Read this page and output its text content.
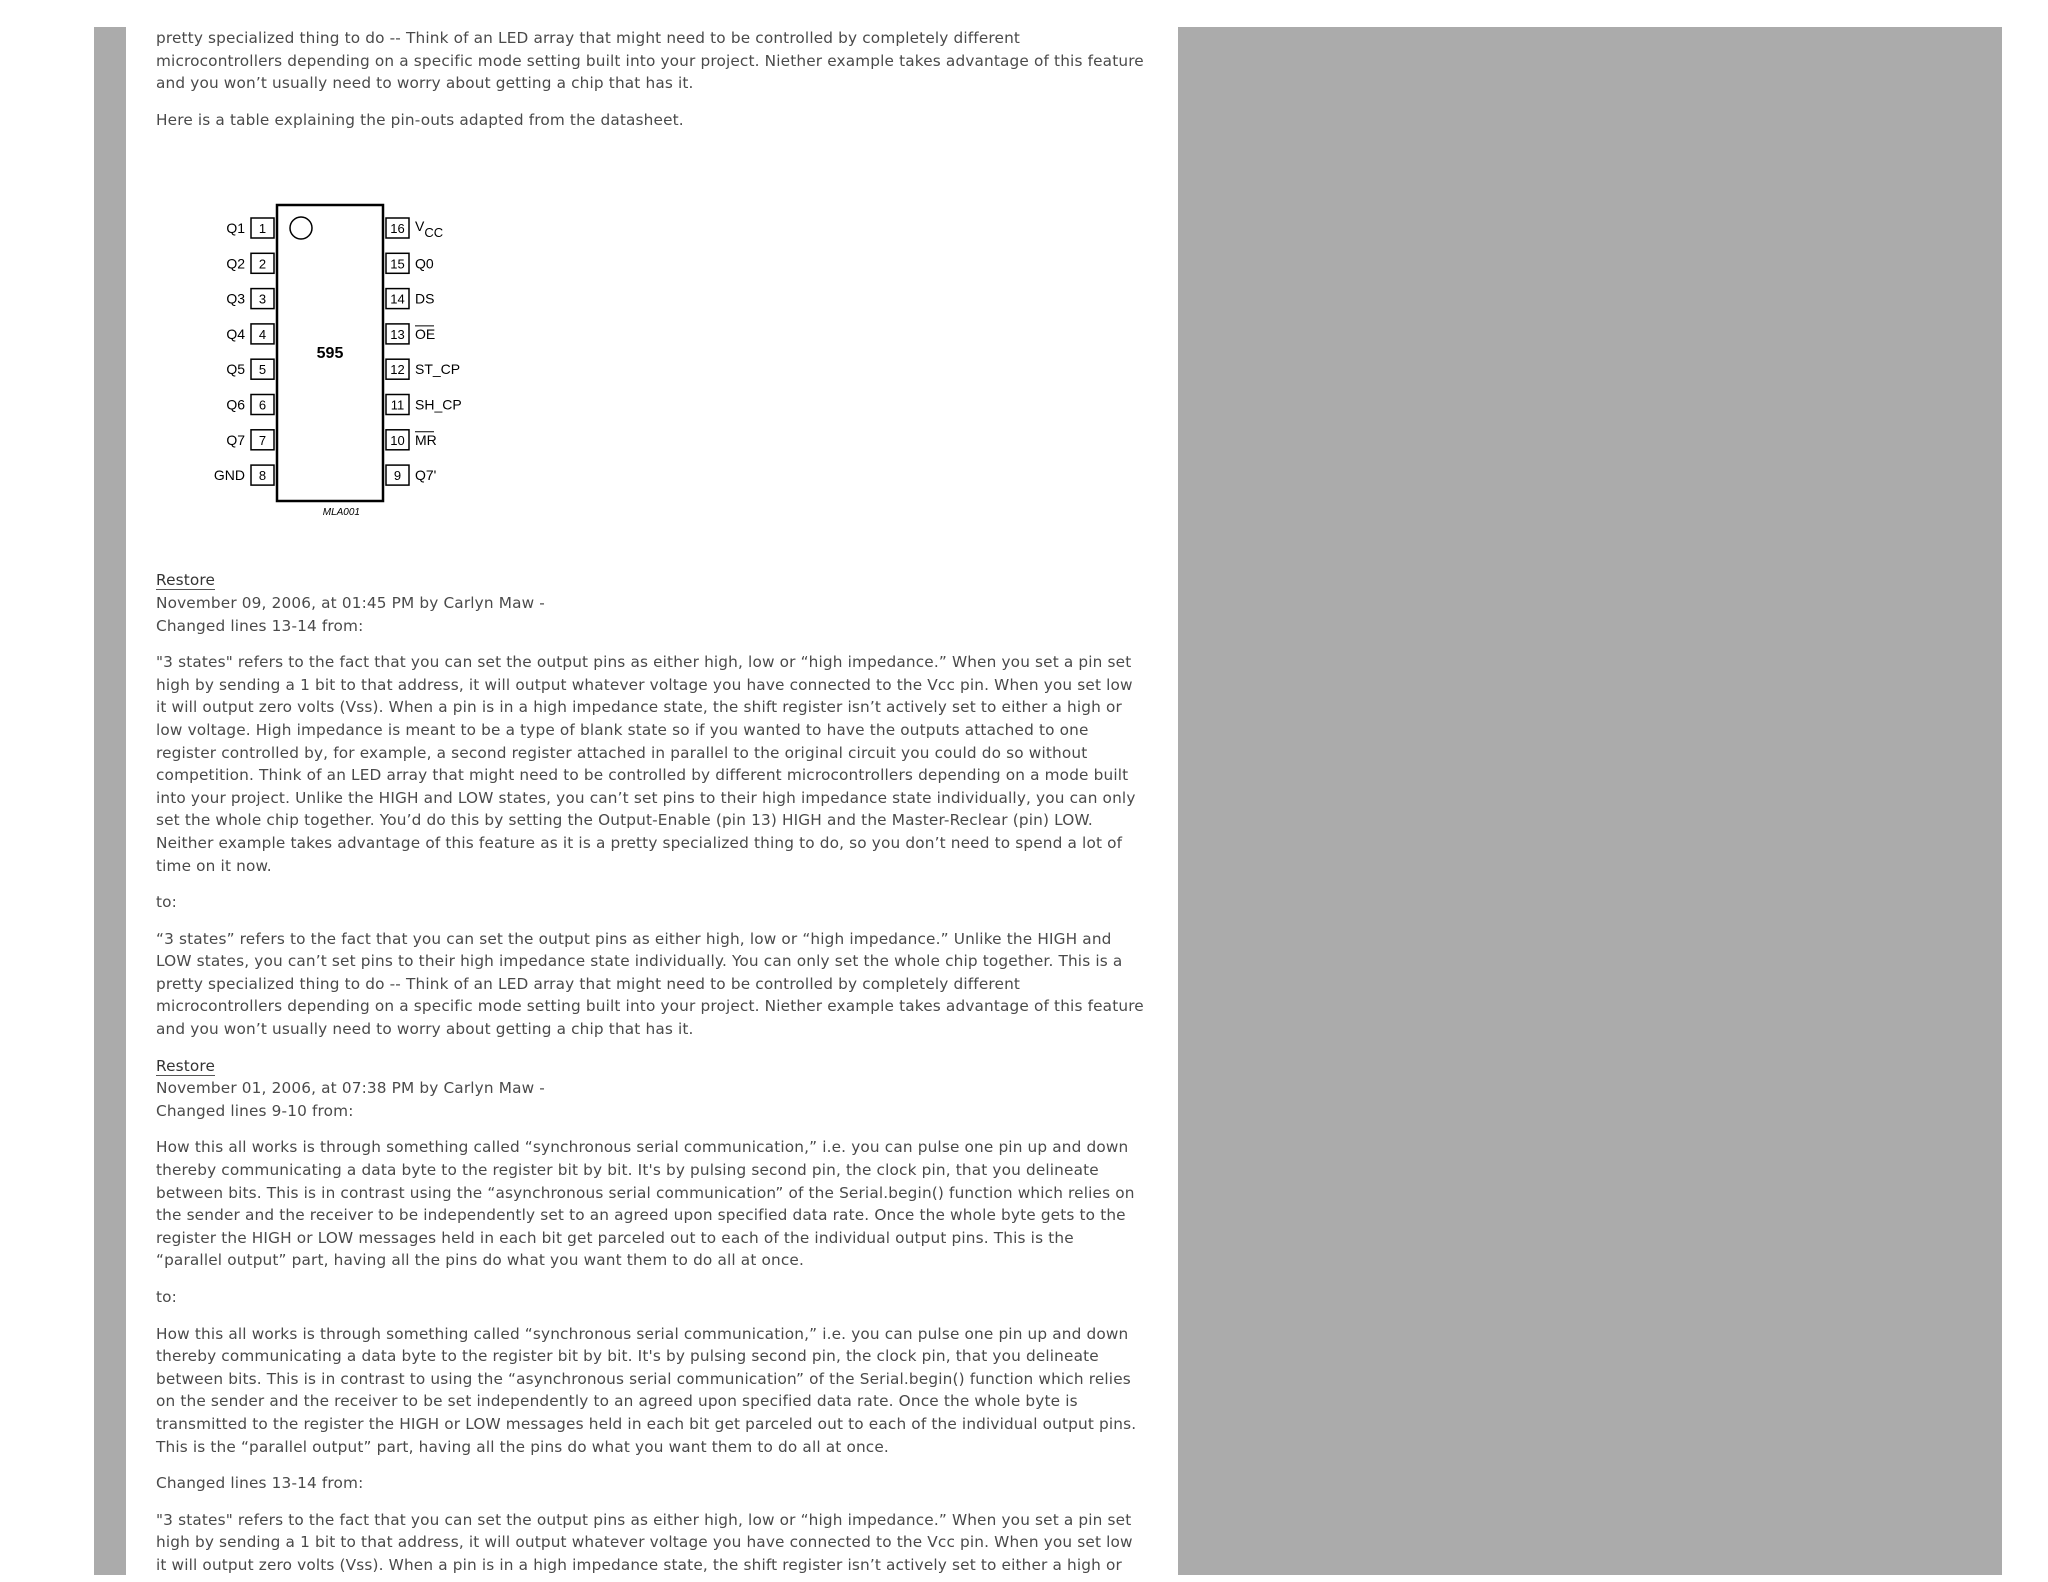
pretty specialized thing to do -- Think of an LED array that might need to be controlled by completely different
microcontrollers depending on a specific mode setting built into your project. Niether example takes advantage of this feature
and you won’t usually need to worry about getting a chip that has it.

Here is a table explaining the pin-outs adapted from the datasheet.

Restore

November 09, 2006, at 01:45 PM by Carlyn Maw -

Changed lines 13-14 from:

"3 states" refers to the fact that you can set the output pins as either high, low or “high impedance.” When you set a pin set
high by sending a 1 bit to that address, it will output whatever voltage you have connected to the Vcc pin. When you set low
it will output zero volts (Vss). When a pin is in a high impedance state, the shift register isn’t actively set to either a high or
low voltage. High impedance is meant to be a type of blank state so if you wanted to have the outputs attached to one
register controlled by, for example, a second register attached in parallel to the original circuit you could do so without
competition. Think of an LED array that might need to be controlled by different microcontrollers depending on a mode built
into your project. Unlike the HIGH and LOW states, you can’t set pins to their high impedance state individually, you can only
set the whole chip together. You’d do this by setting the Output-Enable (pin 13) HIGH and the Master-Reclear (pin) LOW.
Neither example takes advantage of this feature as it is a pretty specialized thing to do, so you don’t need to spend a lot of
time on it now.

to:

“3 states” refers to the fact that you can set the output pins as either high, low or “high impedance.” Unlike the HIGH and
LOW states, you can’t set pins to their high impedance state individually. You can only set the whole chip together. This is a
pretty specialized thing to do -- Think of an LED array that might need to be controlled by completely different
microcontrollers depending on a specific mode setting built into your project. Niether example takes advantage of this feature
and you won’t usually need to worry about getting a chip that has it.

Restore

November 01, 2006, at 07:38 PM by Carlyn Maw -

Changed lines 9-10 from:

How this all works is through something called “synchronous serial communication,” i.e. you can pulse one pin up and down
thereby communicating a data byte to the register bit by bit. It's by pulsing second pin, the clock pin, that you delineate
between bits. This is in contrast using the “asynchronous serial communication” of the Serial.begin() function which relies on
the sender and the receiver to be independently set to an agreed upon specified data rate. Once the whole byte gets to the
register the HIGH or LOW messages held in each bit get parceled out to each of the individual output pins. This is the
“parallel output” part, having all the pins do what you want them to do all at once.

to:

How this all works is through something called “synchronous serial communication,” i.e. you can pulse one pin up and down
thereby communicating a data byte to the register bit by bit. It's by pulsing second pin, the clock pin, that you delineate
between bits. This is in contrast to using the “asynchronous serial communication” of the Serial.begin() function which relies
on the sender and the receiver to be set independently to an agreed upon specified data rate. Once the whole byte is
transmitted to the register the HIGH or LOW messages held in each bit get parceled out to each of the individual output pins.
This is the “parallel output” part, having all the pins do what you want them to do all at once.

Changed lines 13-14 from:

"3 states" refers to the fact that you can set the output pins as either high, low or “high impedance.” When you set a pin set
high by sending a 1 bit to that address, it will output whatever voltage you have connected to the Vcc pin. When you set low
it will output zero volts (Vss). When a pin is in a high impedance state, the shift register isn’t actively set to either a high or

595
MLA001
1
Q1
2
Q2
3
Q3
4
Q4
5
Q5
6
Q6
7
Q7
8
GND
16 VCC
15 Q0
14 DS
13 OE
12 ST_CP
11 SH_CP
10 MR
9 Q7'
